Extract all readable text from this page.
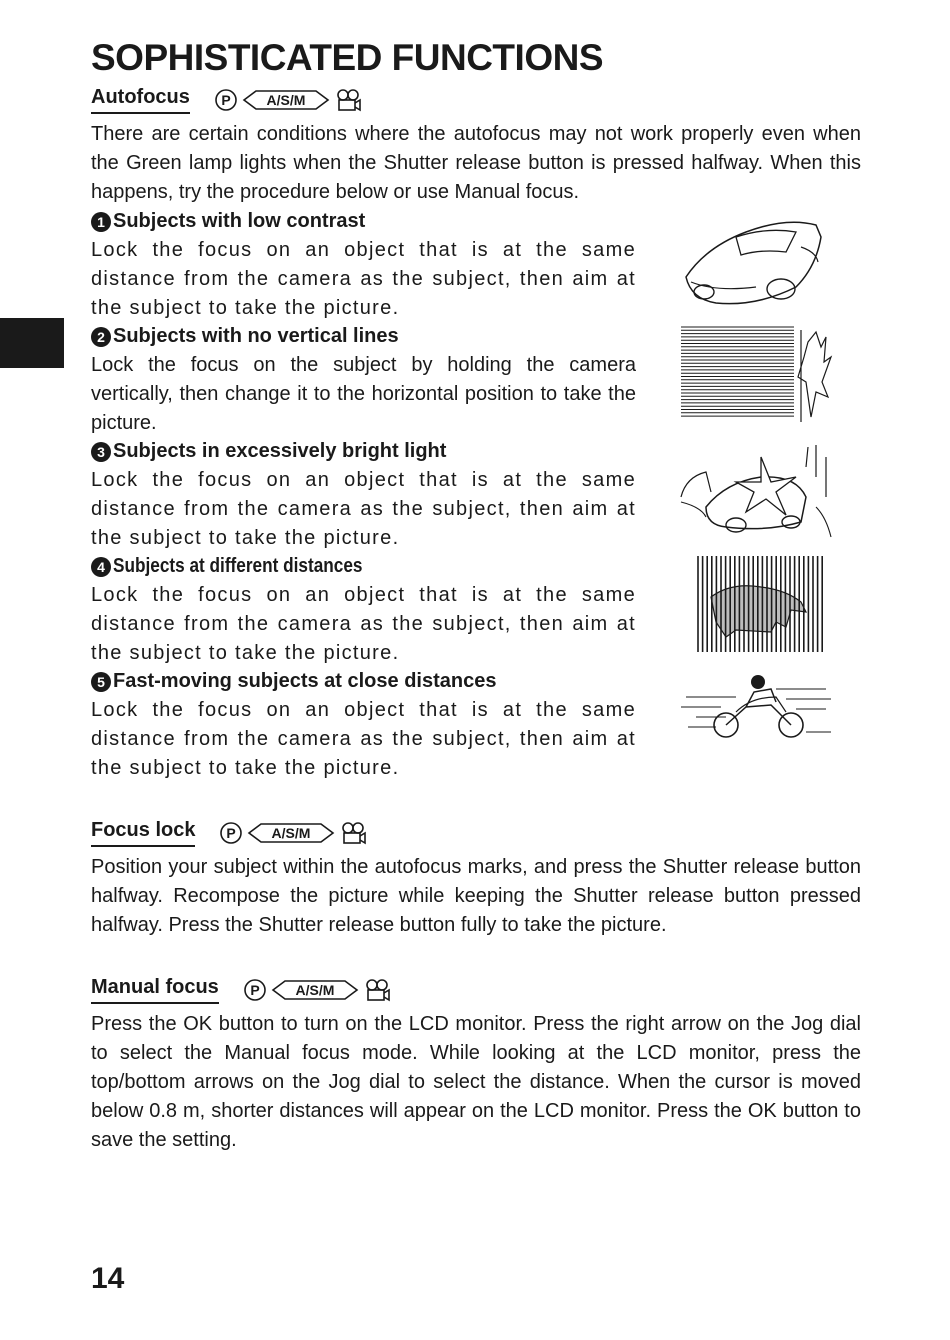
SOPHISTICATED FUNCTIONS
Autofocus P	A/S/M

There are certain conditions where the autofocus may not work properly even when the Green lamp lights when the Shutter release button is pressed halfway. When this happens, try the procedure below or use Manual focus.

1 Subjects with low contrast

Lock the focus on an object that is at the same distance from the camera as the subject, then aim at the subject to take the picture.

2 Subjects with no vertical lines

Lock the focus on the subject by holding the camera vertically, then change it to the horizontal position to take the picture.

3 Subjects in excessively bright light

Lock the focus on an object that is at the same distance from the camera as the subject, then aim at the subject to take the picture.

4 Subjects at different distances

Lock the focus on an object that is at the same distance from the camera as the subject, then aim at the subject to take the picture.

5 Fast-moving subjects at close distances

Lock the focus on an object that is at the same distance from the camera as the subject, then aim at the subject to take the picture.

Focus lock P	A/S/M

Position your subject within the autofocus marks, and press the Shutter release button halfway. Recompose the picture while keeping the Shutter release button pressed halfway. Press the Shutter release button fully to take the picture.

Manual focus P	A/S/M

Press the OK button to turn on the LCD monitor. Press the right arrow on the Jog dial to select the Manual focus mode. While looking at the LCD monitor, press the top/bottom arrows on the Jog dial to select the distance. When the cursor is moved below 0.8 m, shorter distances will appear on the LCD monitor. Press the OK button to save the setting.

14
